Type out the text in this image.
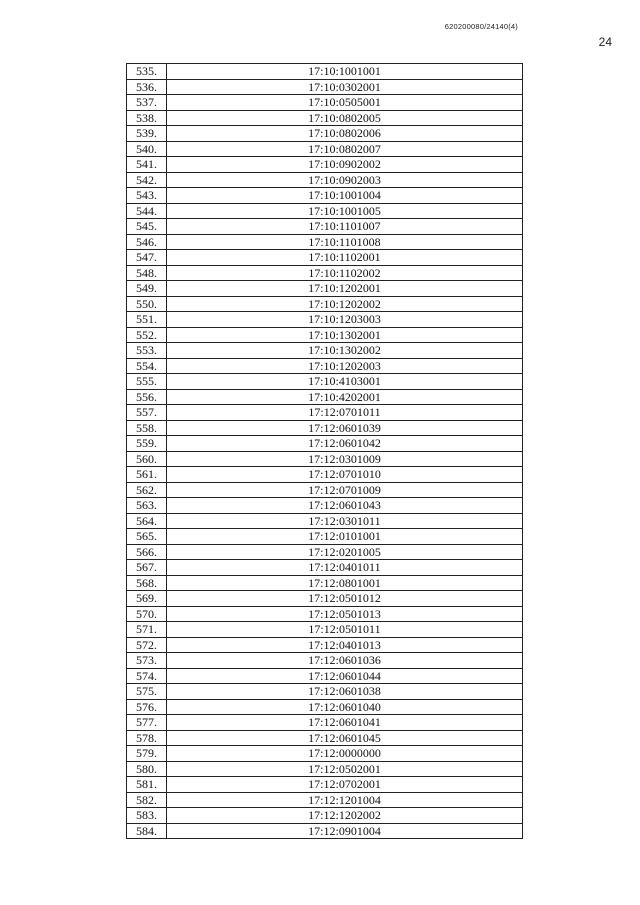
620200080/24140(4)
24
535.	17:10:1001001
536.	17:10:0302001
537.	17:10:0505001
538.	17:10:0802005
539.	17:10:0802006
540.	17:10:0802007
541.	17:10:0902002
542.	17:10:0902003
543.	17:10:1001004
544.	17:10:1001005
545.	17:10:1101007
546.	17:10:1101008
547.	17:10:1102001
548.	17:10:1102002
549.	17:10:1202001
550.	17:10:1202002
551.	17:10:1203003
552.	17:10:1302001
553.	17:10:1302002
554.	17:10:1202003
555.	17:10:4103001
556.	17:10:4202001
557.	17:12:0701011
558.	17:12:0601039
559.	17:12:0601042
560.	17:12:0301009
561.	17:12:0701010
562.	17:12:0701009
563.	17:12:0601043
564.	17:12:0301011
565.	17:12:0101001
566.	17:12:0201005
567.	17:12:0401011
568.	17:12:0801001
569.	17:12:0501012
570.	17:12:0501013
571.	17:12:0501011
572.	17:12:0401013
573.	17:12:0601036
574.	17:12:0601044
575.	17:12:0601038
576.	17:12:0601040
577.	17:12:0601041
578.	17:12:0601045
579.	17:12:0000000
580.	17:12:0502001
581.	17:12:0702001
582.	17:12:1201004
583.	17:12:1202002
584.	17:12:0901004
